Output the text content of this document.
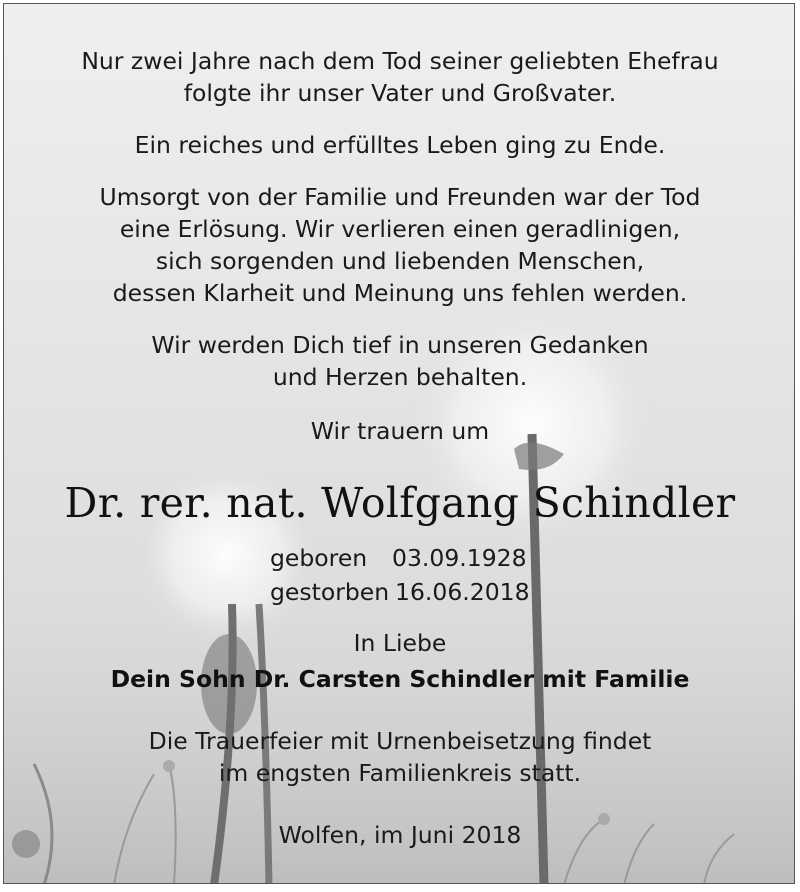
Nur zwei Jahre nach dem Tod seiner geliebten Ehefrau

folgte ihr unser Vater und Großvater.

Ein reiches und erfülltes Leben ging zu Ende.

Umsorgt von der Familie und Freunden war der Tod

eine Erlösung. Wir verlieren einen geradlinigen,

sich sorgenden und liebenden Menschen,

dessen Klarheit und Meinung uns fehlen werden.

Wir werden Dich tief in unseren Gedanken

und Herzen behalten.

Wir trauern um

Dr. rer. nat. Wolfgang Schindler
geboren 03.09.1928
gestorben 16.06.2018

In Liebe

Dein Sohn Dr. Carsten Schindler mit Familie

Die Trauerfeier mit Urnenbeisetzung findet

im engsten Familienkreis statt.

Wolfen, im Juni 2018
